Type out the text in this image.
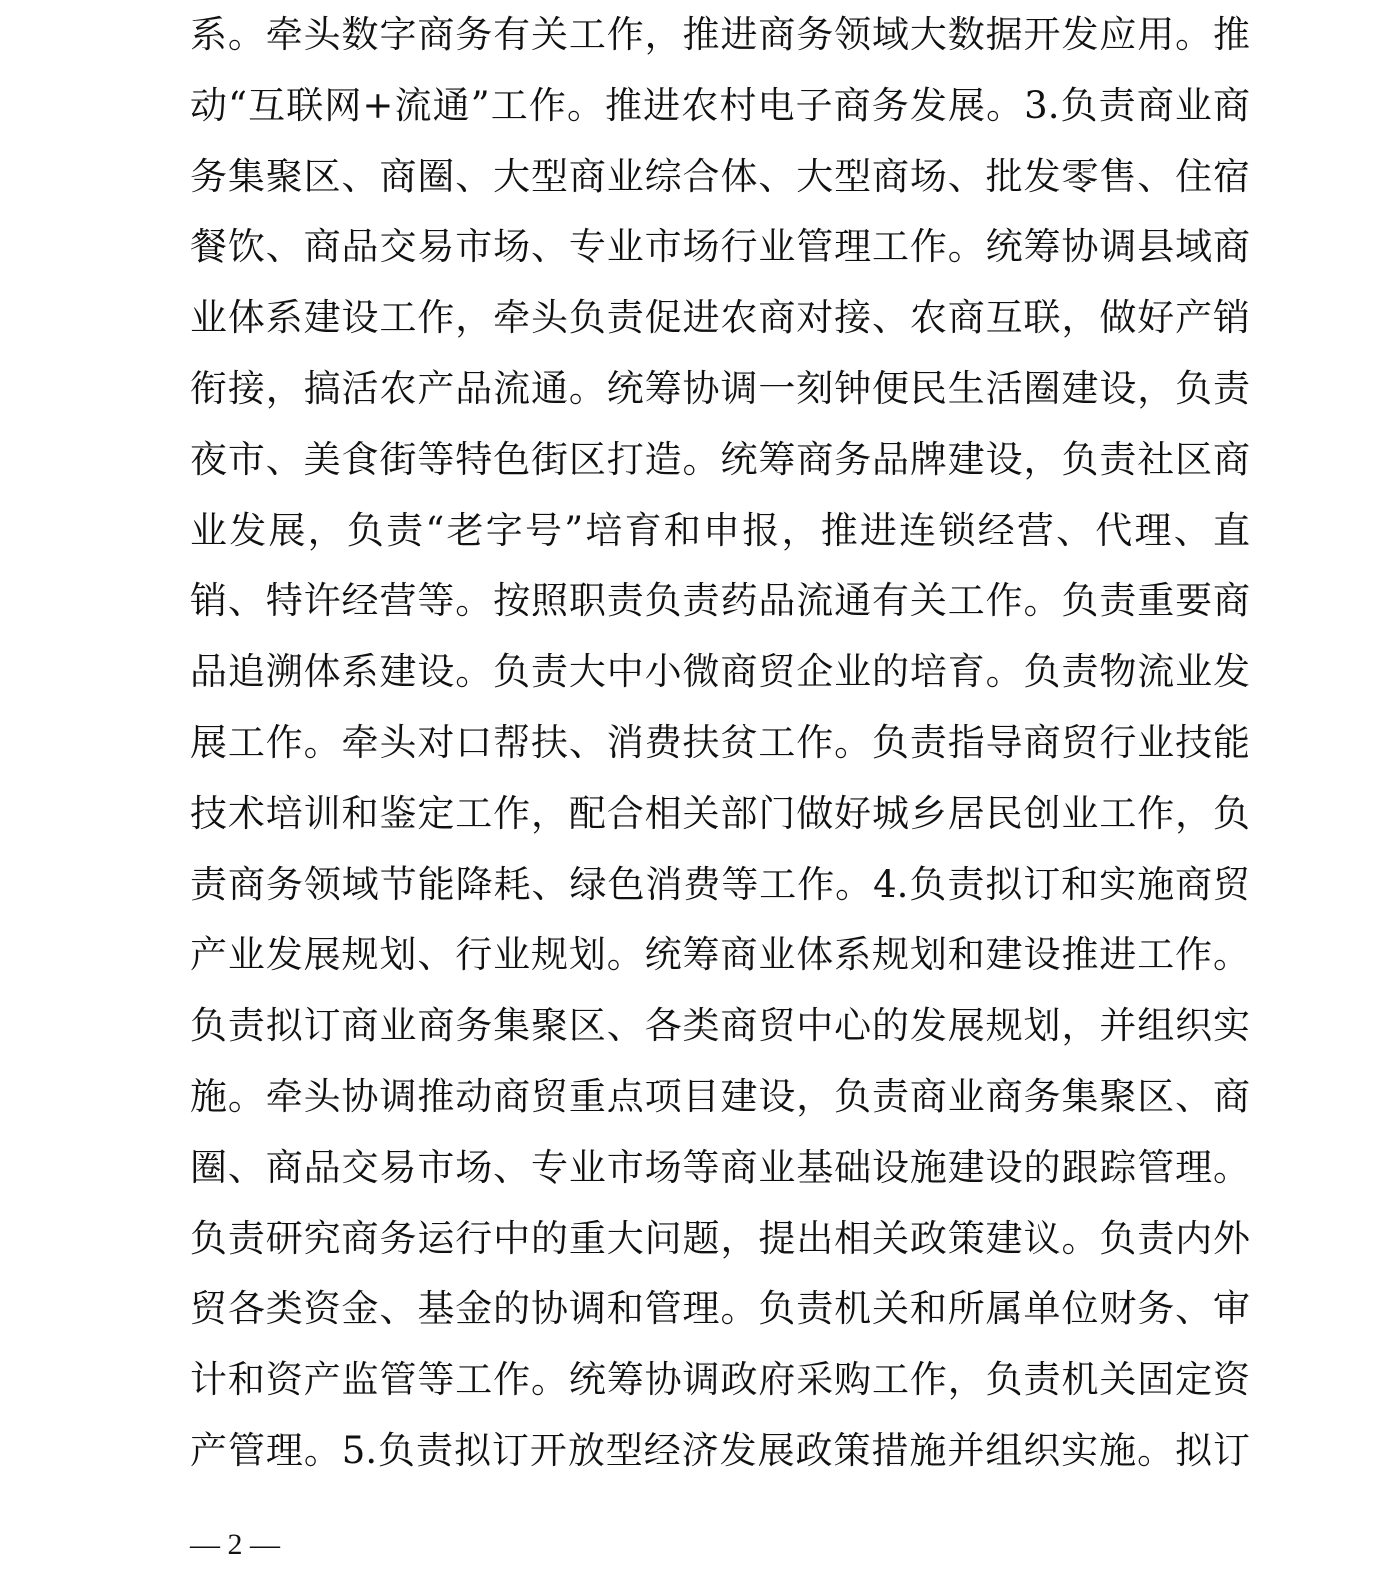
系。牵头数字商务有关工作，推进商务领域大数据开发应用。推
动“互联网+流通”工作。推进农村电子商务发展。3.负责商业商
务集聚区、商圈、大型商业综合体、大型商场、批发零售、住宿
餐饮、商品交易市场、专业市场行业管理工作。统筹协调县域商
业体系建设工作，牵头负责促进农商对接、农商互联，做好产销
衔接，搞活农产品流通。统筹协调一刻钟便民生活圈建设，负责
夜市、美食街等特色街区打造。统筹商务品牌建设，负责社区商
业发展，负责“老字号”培育和申报，推进连锁经营、代理、直
销、特许经营等。按照职责负责药品流通有关工作。负责重要商
品追溯体系建设。负责大中小微商贸企业的培育。负责物流业发
展工作。牵头对口帮扶、消费扶贫工作。负责指导商贸行业技能
技术培训和鉴定工作，配合相关部门做好城乡居民创业工作，负
责商务领域节能降耗、绿色消费等工作。4.负责拟订和实施商贸
产业发展规划、行业规划。统筹商业体系规划和建设推进工作。
负责拟订商业商务集聚区、各类商贸中心的发展规划，并组织实
施。牵头协调推动商贸重点项目建设，负责商业商务集聚区、商
圈、商品交易市场、专业市场等商业基础设施建设的跟踪管理。
负责研究商务运行中的重大问题，提出相关政策建议。负责内外
贸各类资金、基金的协调和管理。负责机关和所属单位财务、审
计和资产监管等工作。统筹协调政府采购工作，负责机关固定资
产管理。5.负责拟订开放型经济发展政策措施并组织实施。拟订
— 2 —
